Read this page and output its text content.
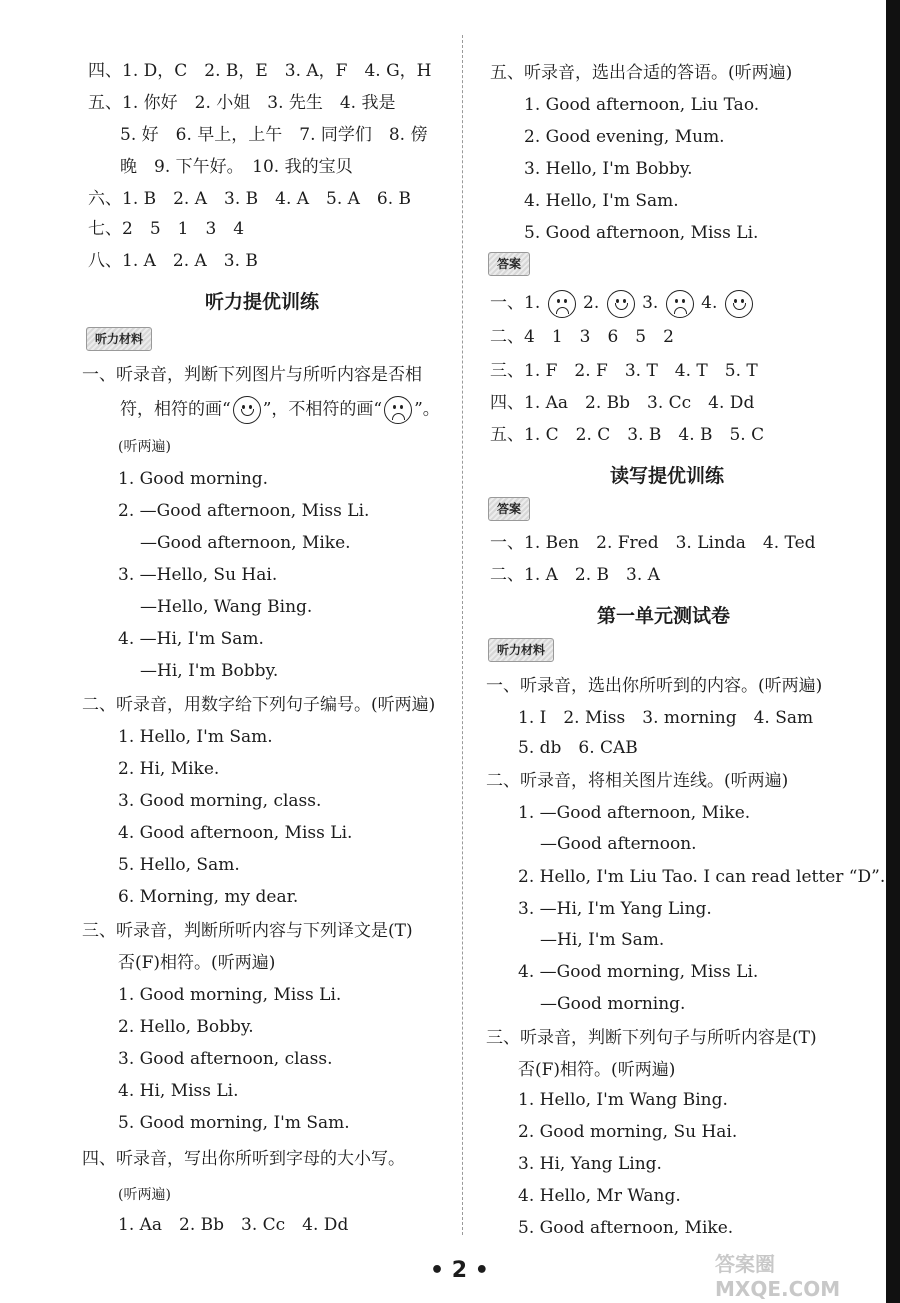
四、1. D，C　2. B，E　3. A，F　4. G，H
五、1. 你好　2. 小姐　3. 先生　4. 我是
5. 好　6. 早上，上午　7. 同学们　8. 傍
晚　9. 下午好。　10. 我的宝贝
六、1. B　2. A　3. B　4. A　5. A　6. B
七、2　5　1　3　4
八、1. A　2. A　3. B
听力提优训练
听力材料
一、听录音，判断下列图片与所听内容是否相
符，相符的画“ ”，不相符的画“ ”。
(听两遍)
1. Good morning.
2. —Good afternoon, Miss Li.
—Good afternoon, Mike.
3. —Hello, Su Hai.
—Hello, Wang Bing.
4. —Hi, I'm Sam.
—Hi, I'm Bobby.
二、听录音，用数字给下列句子编号。(听两遍)
1. Hello, I'm Sam.
2. Hi, Mike.
3. Good morning, class.
4. Good afternoon, Miss Li.
5. Hello, Sam.
6. Morning, my dear.
三、听录音，判断所听内容与下列译文是(T)
否(F)相符。(听两遍)
1. Good morning, Miss Li.
2. Hello, Bobby.
3. Good afternoon, class.
4. Hi, Miss Li.
5. Good morning, I'm Sam.
四、听录音，写出你所听到字母的大小写。
(听两遍)
1. Aa　2. Bb　3. Cc　4. Dd
五、听录音，选出合适的答语。(听两遍)
1. Good afternoon, Liu Tao.
2. Good evening, Mum.
3. Hello, I'm Bobby.
4. Hello, I'm Sam.
5. Good afternoon, Miss Li.
答案
一、1.	2.	3.	4.
二、4　1　3　6　5　2
三、1. F　2. F　3. T　4. T　5. T
四、1. Aa　2. Bb　3. Cc　4. Dd
五、1. C　2. C　3. B　4. B　5. C
读写提优训练
答案
一、1. Ben　2. Fred　3. Linda　4. Ted
二、1. A　2. B　3. A
第一单元测试卷
听力材料
一、听录音，选出你所听到的内容。(听两遍)
1. I　2. Miss　3. morning　4. Sam
5. db　6. CAB
二、听录音，将相关图片连线。(听两遍)
1. —Good afternoon, Mike.
—Good afternoon.
2. Hello, I'm Liu Tao. I can read letter “D”.
3. —Hi, I'm Yang Ling.
—Hi, I'm Sam.
4. —Good morning, Miss Li.
—Good morning.
三、听录音，判断下列句子与所听内容是(T)
否(F)相符。(听两遍)
1. Hello, I'm Wang Bing.
2. Good morning, Su Hai.
3. Hi, Yang Ling.
4. Hello, Mr Wang.
5. Good afternoon, Mike.
• 2 •	答案圈 MXQE.COM
